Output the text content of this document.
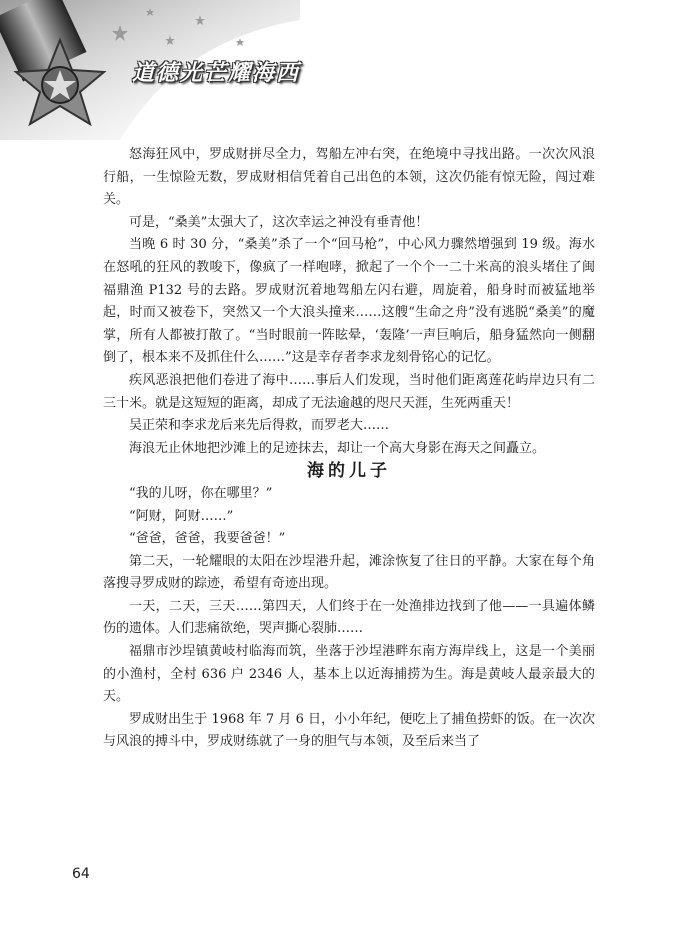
道德光芒耀海西

怒海狂风中，罗成财拼尽全力，驾船左冲右突，在绝境中寻找出路。一次次风浪行船，一生惊险无数，罗成财相信凭着自己出色的本领，这次仍能有惊无险，闯过难关。

可是，“桑美”太强大了，这次幸运之神没有垂青他！

当晚 6 时 30 分，“桑美”杀了一个“回马枪”，中心风力骤然增强到 19 级。海水在怒吼的狂风的教唆下，像疯了一样咆哮，掀起了一个个一二十米高的浪头堵住了闽福鼎渔 P132 号的去路。罗成财沉着地驾船左闪右避，周旋着，船身时而被猛地举起，时而又被卷下，突然又一个大浪头撞来……这艘“生命之舟”没有逃脱“桑美”的魔掌，所有人都被打散了。“当时眼前一阵眩晕，‘轰隆’一声巨响后，船身猛然向一侧翻倒了，根本来不及抓住什么……”这是幸存者李求龙刻骨铭心的记忆。

疾风恶浪把他们卷进了海中……事后人们发现，当时他们距离莲花屿岸边只有二三十米。就是这短短的距离，却成了无法逾越的咫尺天涯，生死两重天！

吴正荣和李求龙后来先后得救，而罗老大……

海浪无止休地把沙滩上的足迹抹去，却让一个高大身影在海天之间矗立。

海的儿子

“我的儿呀，你在哪里？”

“阿财，阿财……”

“爸爸，爸爸，我要爸爸！”

第二天，一轮耀眼的太阳在沙埕港升起，滩涂恢复了往日的平静。大家在每个角落搜寻罗成财的踪迹，希望有奇迹出现。

一天，二天，三天……第四天，人们终于在一处渔排边找到了他——一具遍体鳞伤的遗体。人们悲痛欲绝，哭声撕心裂肺……

福鼎市沙埕镇黄岐村临海而筑，坐落于沙埕港畔东南方海岸线上，这是一个美丽的小渔村，全村 636 户 2346 人，基本上以近海捕捞为生。海是黄岐人最亲最大的天。

罗成财出生于 1968 年 7 月 6 日，小小年纪，便吃上了捕鱼捞虾的饭。在一次次与风浪的搏斗中，罗成财练就了一身的胆气与本领，及至后来当了

64
